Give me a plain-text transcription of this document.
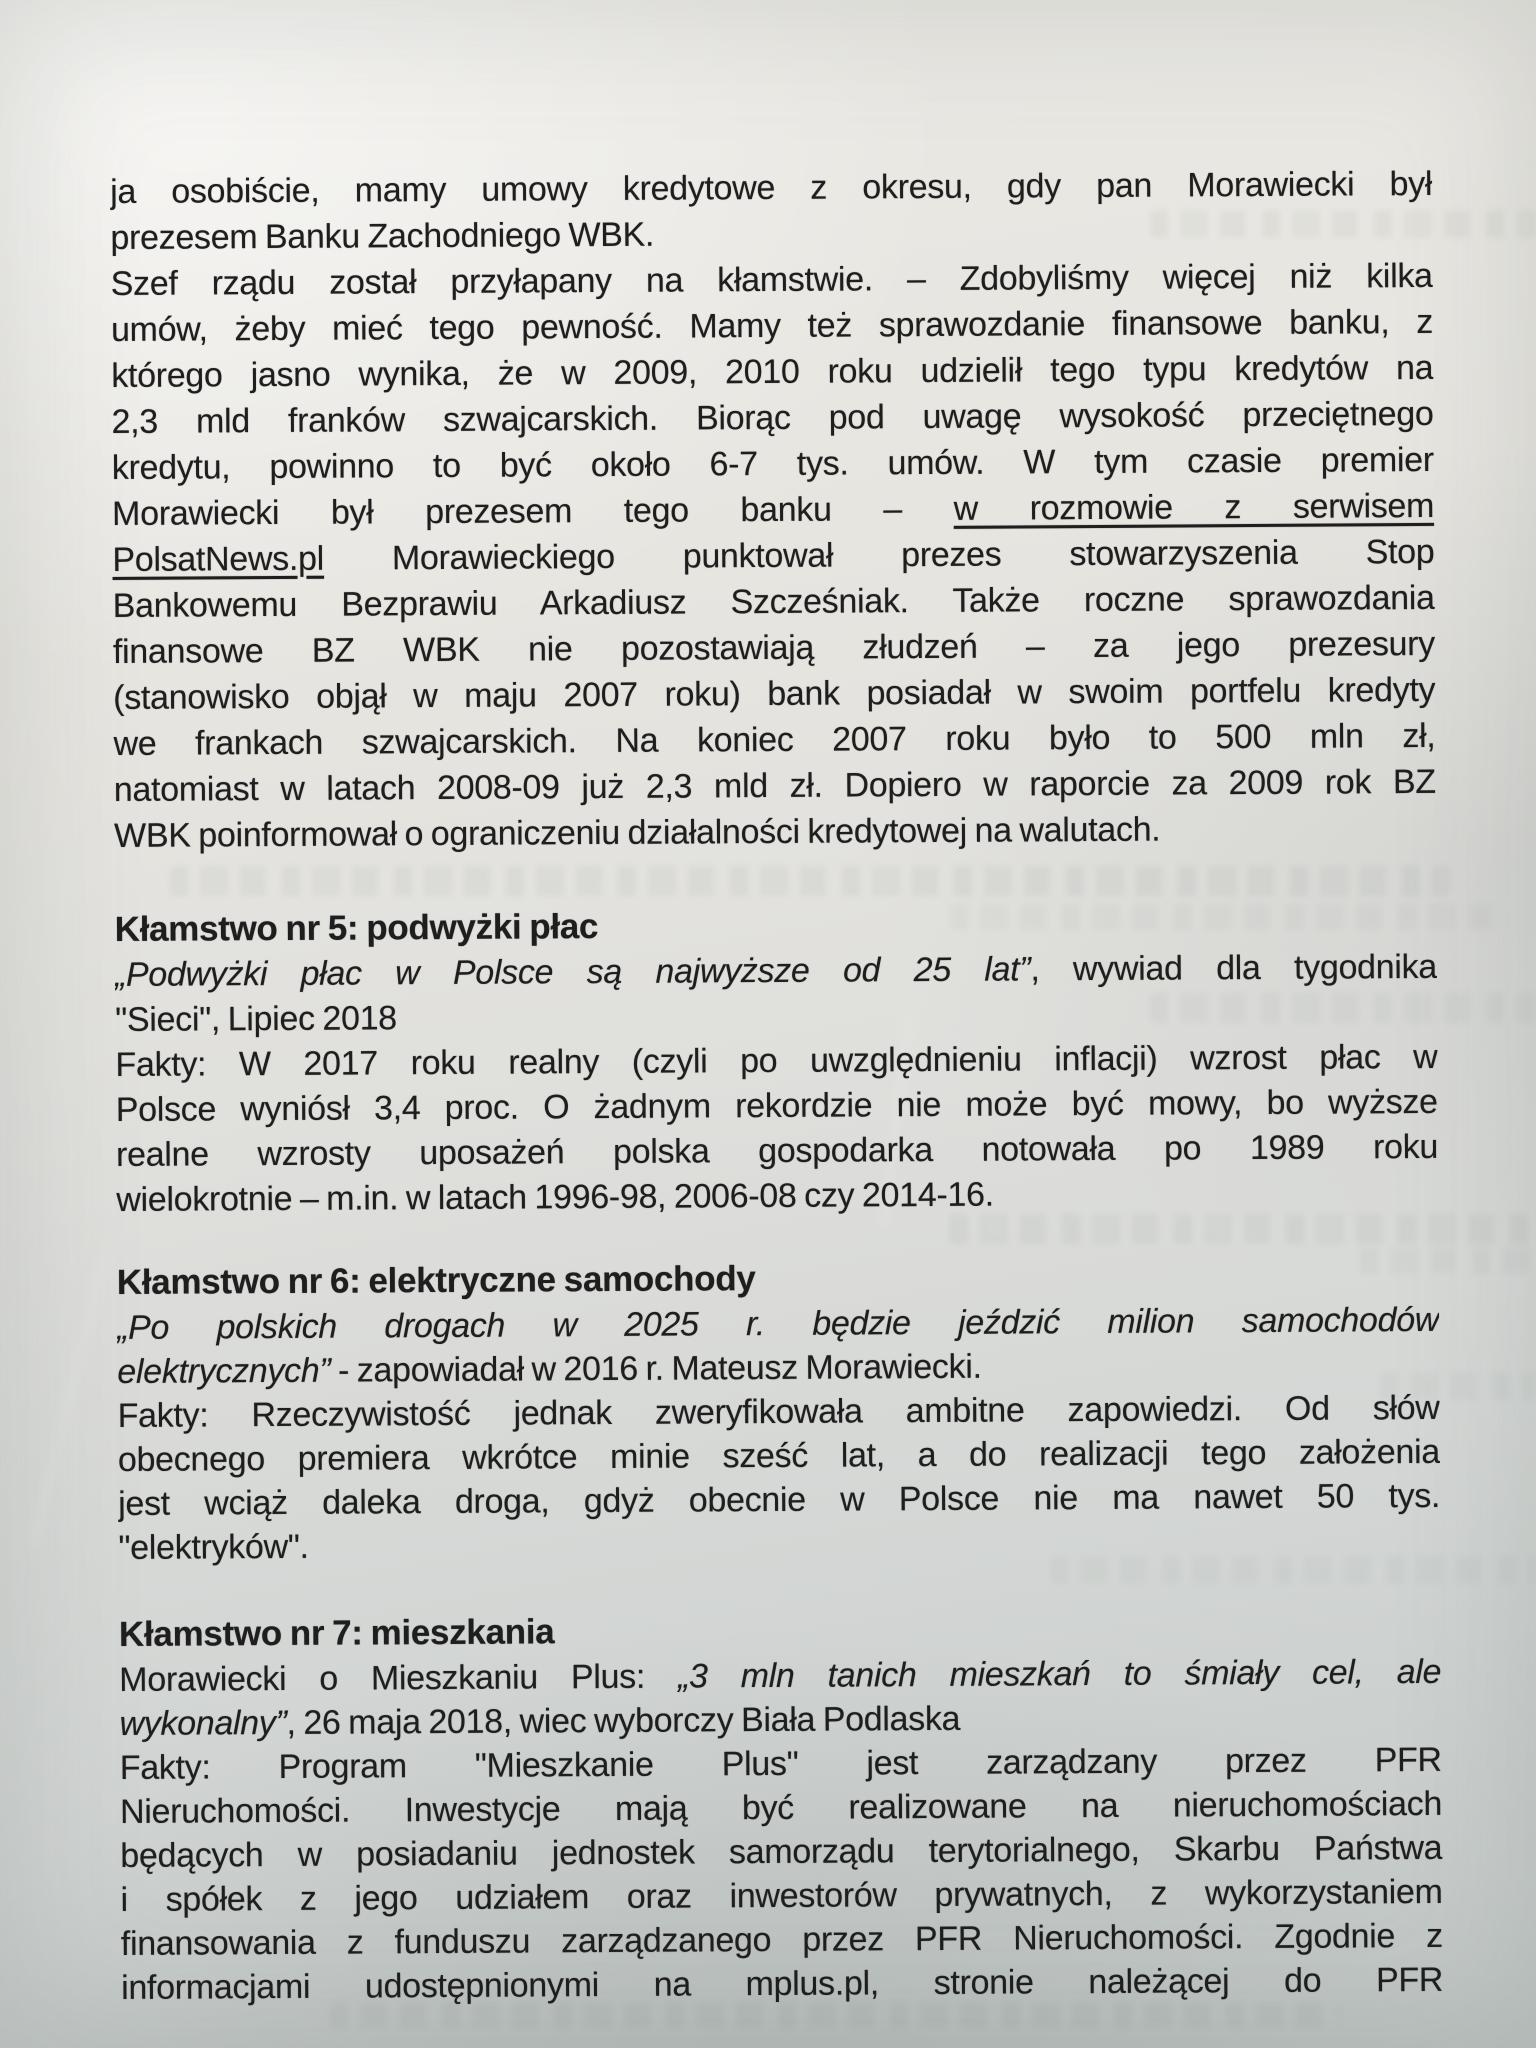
ja osobiście, mamy umowy kredytowe z okresu, gdy pan Morawiecki był
prezesem Banku Zachodniego WBK.
Szef rządu został przyłapany na kłamstwie. – Zdobyliśmy więcej niż kilka
umów, żeby mieć tego pewność. Mamy też sprawozdanie finansowe banku, z
którego jasno wynika, że w 2009, 2010 roku udzielił tego typu kredytów na
2,3 mld franków szwajcarskich. Biorąc pod uwagę wysokość przeciętnego
kredytu, powinno to być około 6-7 tys. umów. W tym czasie premier
Morawiecki był prezesem tego banku – w rozmowie z serwisem
PolsatNews.pl Morawieckiego punktował prezes stowarzyszenia Stop
Bankowemu Bezprawiu Arkadiusz Szcześniak. Także roczne sprawozdania
finansowe BZ WBK nie pozostawiają złudzeń – za jego prezesury
(stanowisko objął w maju 2007 roku) bank posiadał w swoim portfelu kredyty
we frankach szwajcarskich. Na koniec 2007 roku było to 500 mln zł,
natomiast w latach 2008-09 już 2,3 mld zł. Dopiero w raporcie za 2009 rok BZ
WBK poinformował o ograniczeniu działalności kredytowej na walutach.
Kłamstwo nr 5: podwyżki płac
„Podwyżki płac w Polsce są najwyższe od 25 lat”, wywiad dla tygodnika
"Sieci", Lipiec 2018
Fakty: W 2017 roku realny (czyli po uwzględnieniu inflacji) wzrost płac w
Polsce wyniósł 3,4 proc. O żadnym rekordzie nie może być mowy, bo wyższe
realne wzrosty uposażeń polska gospodarka notowała po 1989 roku
wielokrotnie – m.in. w latach 1996-98, 2006-08 czy 2014-16.
Kłamstwo nr 6: elektryczne samochody
„Po polskich drogach w 2025 r. będzie jeździć milion samochodów
elektrycznych” - zapowiadał w 2016 r. Mateusz Morawiecki.
Fakty: Rzeczywistość jednak zweryfikowała ambitne zapowiedzi. Od słów
obecnego premiera wkrótce minie sześć lat, a do realizacji tego założenia
jest wciąż daleka droga, gdyż obecnie w Polsce nie ma nawet 50 tys.
"elektryków".
Kłamstwo nr 7: mieszkania
Morawiecki o Mieszkaniu Plus: „3 mln tanich mieszkań to śmiały cel, ale
wykonalny”, 26 maja 2018, wiec wyborczy Biała Podlaska
Fakty: Program "Mieszkanie Plus" jest zarządzany przez PFR
Nieruchomości. Inwestycje mają być realizowane na nieruchomościach
będących w posiadaniu jednostek samorządu terytorialnego, Skarbu Państwa
i spółek z jego udziałem oraz inwestorów prywatnych, z wykorzystaniem
finansowania z funduszu zarządzanego przez PFR Nieruchomości. Zgodnie z
informacjami udostępnionymi na mplus.pl, stronie należącej do PFR
